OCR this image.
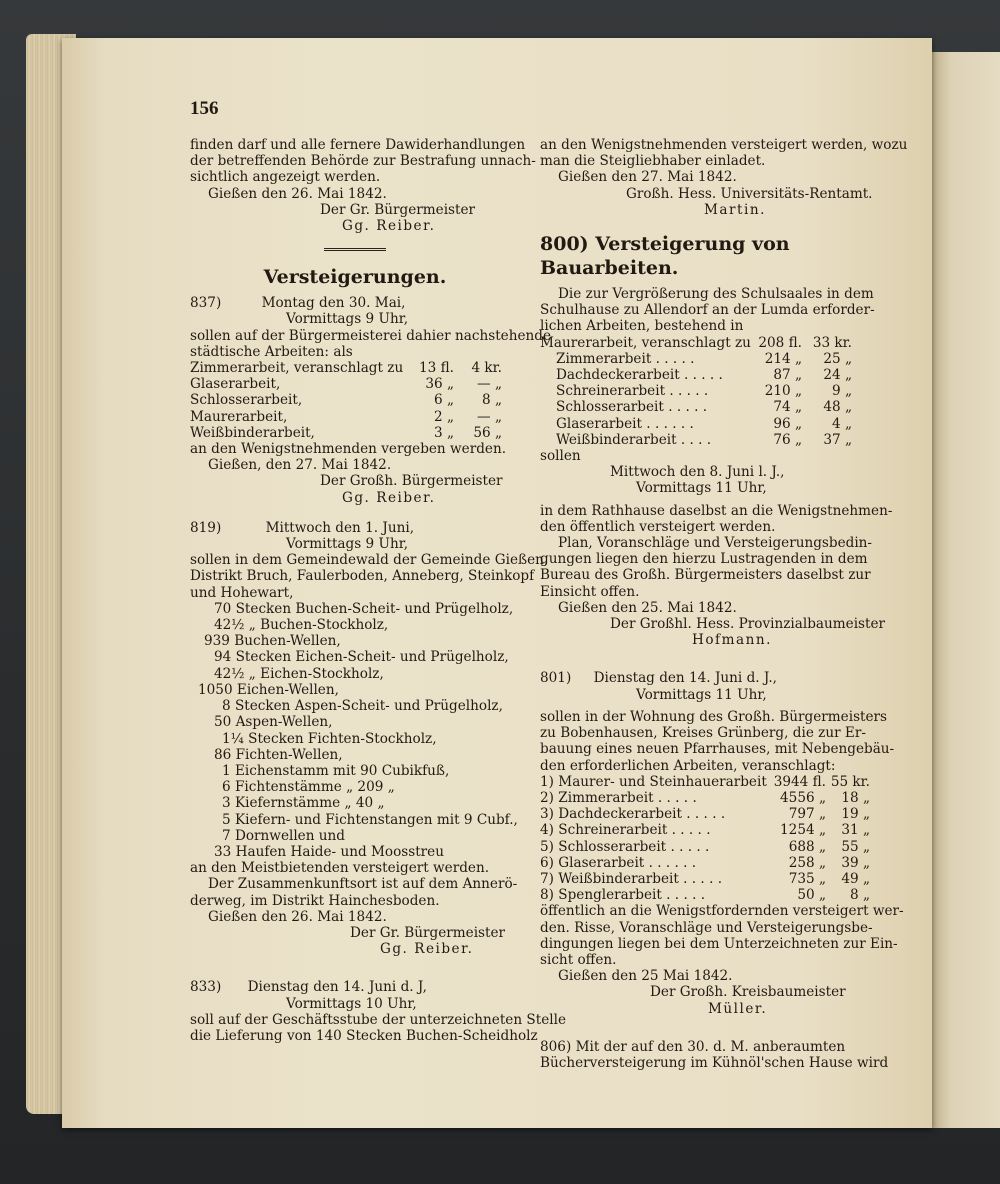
156
finden darf und alle fernere Dawiderhandlungen
der betreffenden Behörde zur Bestrafung unnach-
sichtlich angezeigt werden.
Gießen den 26. Mai 1842.
Der Gr. Bürgermeister
Gg. Reiber.
Versteigerungen.
837)	Montag den 30. Mai,
Vormittags 9 Uhr,
sollen auf der Bürgermeisterei dahier nachstehende
städtische Arbeiten: als
Zimmerarbeit, veranschlagt zu	13 fl.	4 kr.
Glaserarbeit,	36 „	— „
Schlosserarbeit,	6 „	8 „
Maurerarbeit,	2 „	— „
Weißbinderarbeit,	3 „	56 „
an den Wenigstnehmenden vergeben werden.
Gießen, den 27. Mai 1842.
Der Großh. Bürgermeister
Gg. Reiber.
819)	Mittwoch den 1. Juni,
Vormittags 9 Uhr,
sollen in dem Gemeindewald der Gemeinde Gießen,
Distrikt Bruch, Faulerboden, Anneberg, Steinkopf
und Hohewart,
70 Stecken Buchen-Scheit- und Prügelholz,
42½ „ Buchen-Stockholz,
939 Buchen-Wellen,
94 Stecken Eichen-Scheit- und Prügelholz,
42½ „ Eichen-Stockholz,
1050 Eichen-Wellen,
8 Stecken Aspen-Scheit- und Prügelholz,
50 Aspen-Wellen,
1¼ Stecken Fichten-Stockholz,
86 Fichten-Wellen,
1 Eichenstamm mit 90 Cubikfuß,
6 Fichtenstämme „ 209 „
3 Kiefernstämme „ 40 „
5 Kiefern- und Fichtenstangen mit 9 Cubf.,
7 Dornwellen und
33 Haufen Haide- und Moosstreu
an den Meistbietenden versteigert werden.
Der Zusammenkunftsort ist auf dem Annerö-
derweg, im Distrikt Hainchesboden.
Gießen den 26. Mai 1842.
Der Gr. Bürgermeister
Gg. Reiber.
833) Dienstag den 14. Juni d. J,
Vormittags 10 Uhr,
soll auf der Geschäftsstube der unterzeichneten Stelle
die Lieferung von 140 Stecken Buchen-Scheidholz
an den Wenigstnehmenden versteigert werden, wozu
man die Steigliebhaber einladet.
Gießen den 27. Mai 1842.
Großh. Hess. Universitäts-Rentamt.
Martin.
800) Versteigerung von Bauarbeiten.
Die zur Vergrößerung des Schulsaales in dem
Schulhause zu Allendorf an der Lumda erforder-
lichen Arbeiten, bestehend in
Maurerarbeit, veranschlagt zu	208 fl.	33 kr.
Zimmerarbeit . . . . .	214 „	25 „
Dachdeckerarbeit . . . . .	87 „	24 „
Schreinerarbeit . . . . .	210 „	9 „
Schlosserarbeit . . . . .	74 „	48 „
Glaserarbeit . . . . . .	96 „	4 „
Weißbinderarbeit . . . .	76 „	37 „
sollen
Mittwoch den 8. Juni l. J.,
Vormittags 11 Uhr,
in dem Rathhause daselbst an die Wenigstnehmen-
den öffentlich versteigert werden.
Plan, Voranschläge und Versteigerungsbedin-
gungen liegen den hierzu Lustragenden in dem
Bureau des Großh. Bürgermeisters daselbst zur
Einsicht offen.
Gießen den 25. Mai 1842.
Der Großhl. Hess. Provinzialbaumeister
Hofmann.
801) Dienstag den 14. Juni d. J.,
Vormittags 11 Uhr,
sollen in der Wohnung des Großh. Bürgermeisters
zu Bobenhausen, Kreises Grünberg, die zur Er-
bauung eines neuen Pfarrhauses, mit Nebengebäu-
den erforderlichen Arbeiten, veranschlagt:
1) Maurer- und Steinhauerarbeit	3944 fl.	55 kr.
2) Zimmerarbeit . . . . .	4556 „	18 „
3) Dachdeckerarbeit . . . . .	797 „	19 „
4) Schreinerarbeit . . . . .	1254 „	31 „
5) Schlosserarbeit . . . . .	688 „	55 „
6) Glaserarbeit . . . . . .	258 „	39 „
7) Weißbinderarbeit . . . . .	735 „	49 „
8) Spenglerarbeit . . . . .	50 „	8 „
öffentlich an die Wenigstfordernden versteigert wer-
den. Risse, Voranschläge und Versteigerungsbe-
dingungen liegen bei dem Unterzeichneten zur Ein-
sicht offen.
Gießen den 25 Mai 1842.
Der Großh. Kreisbaumeister
Müller.
806) Mit der auf den 30. d. M. anberaumten
Bücherversteigerung im Kühnöl'schen Hause wird
